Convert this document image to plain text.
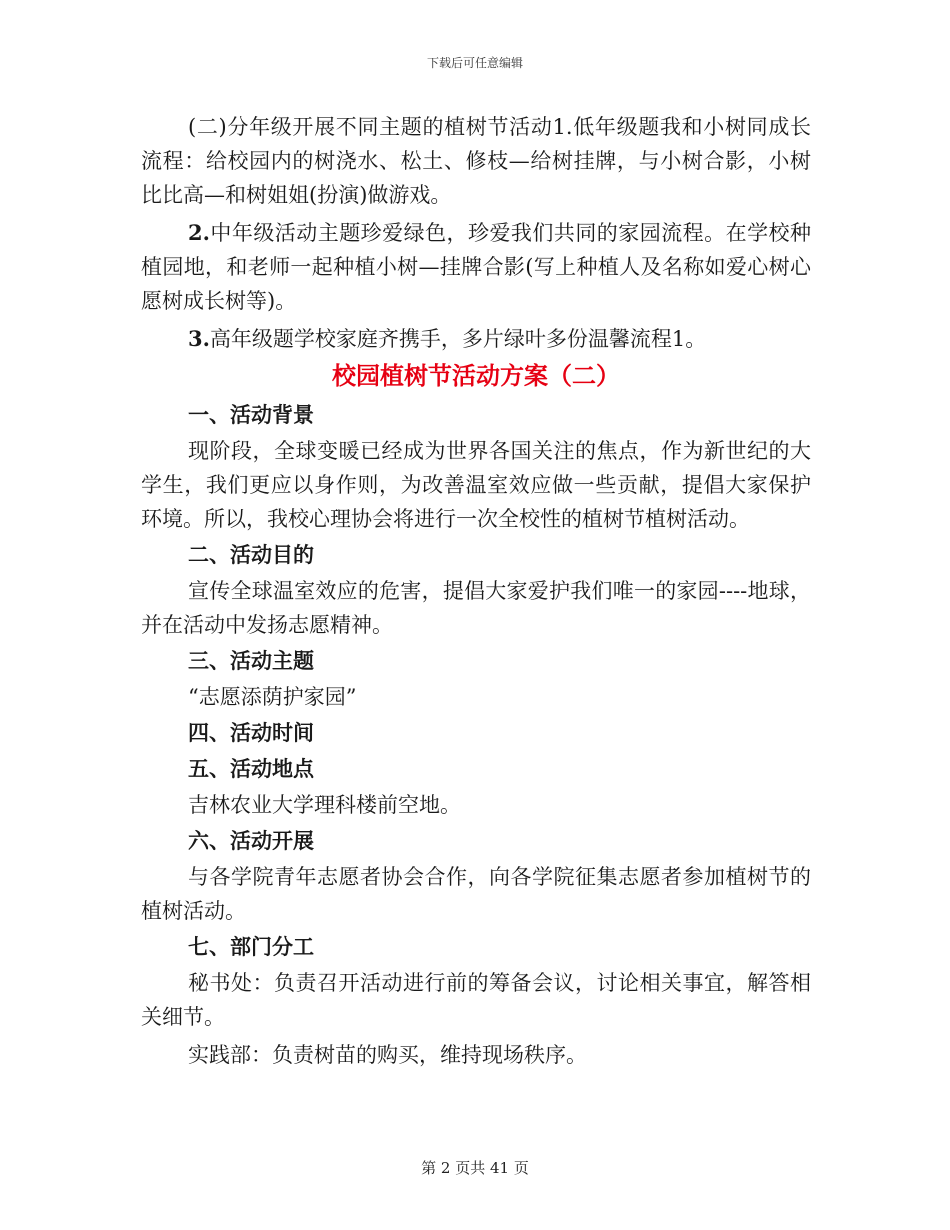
下载后可任意编辑

(二)分年级开展不同主题的植树节活动1.低年级题我和小树同成长流程：给校园内的树浇水、松土、修枝—给树挂牌，与小树合影，小树比比高—和树姐姐(扮演)做游戏。

2.中年级活动主题珍爱绿色，珍爱我们共同的家园流程。在学校种植园地，和老师一起种植小树—挂牌合影(写上种植人及名称如爱心树心愿树成长树等)。

3.高年级题学校家庭齐携手，多片绿叶多份温馨流程1。

校园植树节活动方案（二）
一、活动背景

现阶段，全球变暖已经成为世界各国关注的焦点，作为新世纪的大学生，我们更应以身作则，为改善温室效应做一些贡献，提倡大家保护环境。所以，我校心理协会将进行一次全校性的植树节植树活动。

二、活动目的

宣传全球温室效应的危害，提倡大家爱护我们唯一的家园----地球，并在活动中发扬志愿精神。

三、活动主题

“志愿添荫护家园”

四、活动时间
五、活动地点

吉林农业大学理科楼前空地。

六、活动开展

与各学院青年志愿者协会合作，向各学院征集志愿者参加植树节的植树活动。

七、部门分工

秘书处：负责召开活动进行前的筹备会议，讨论相关事宜，解答相关细节。

实践部：负责树苗的购买，维持现场秩序。

第 2 页共 41 页
